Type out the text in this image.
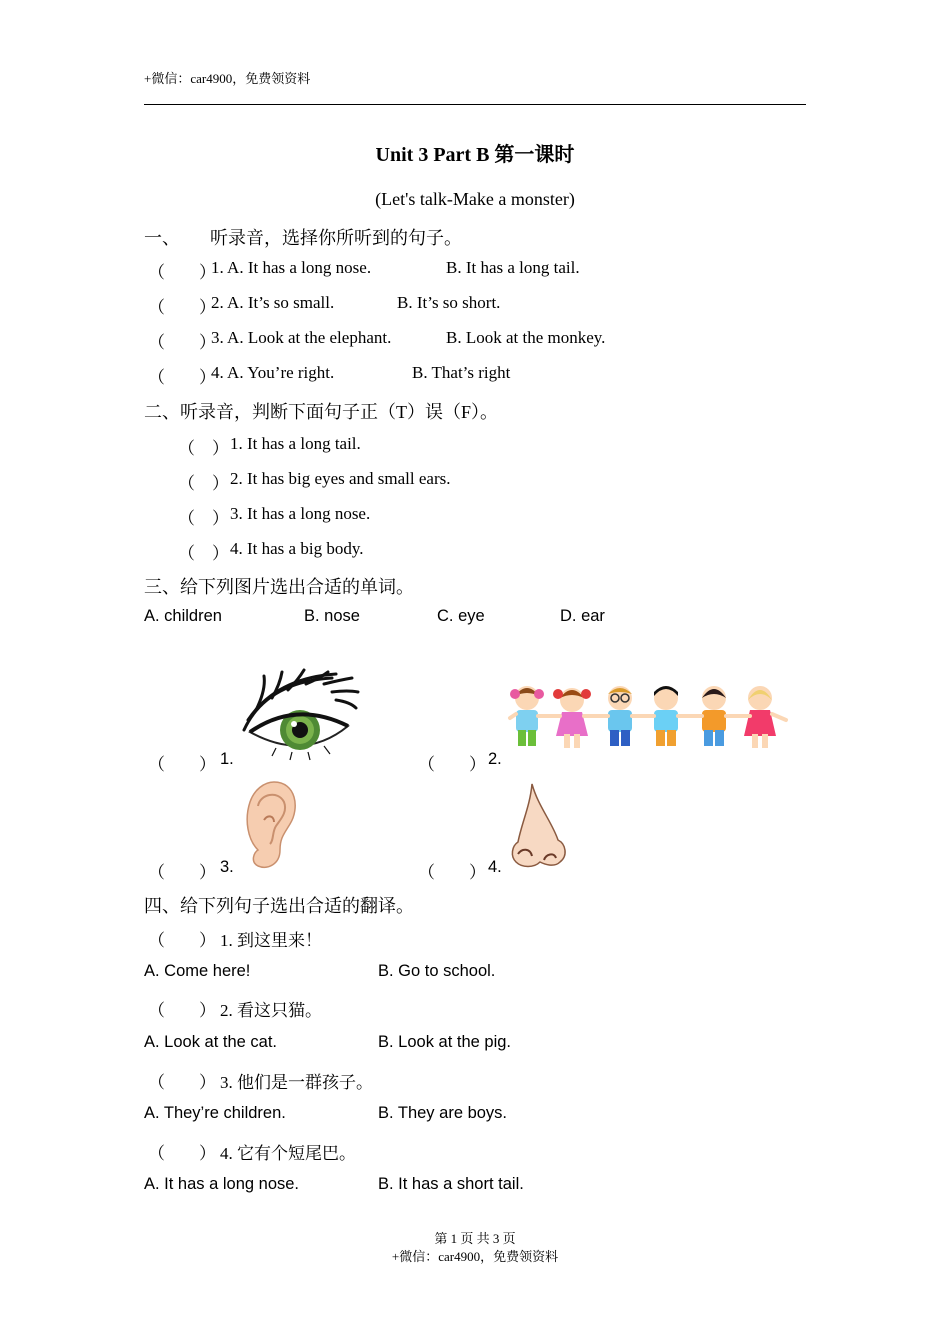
+微信：car4900，免费领资料
Unit 3 Part B 第一课时
(Let's talk-Make a monster)
一、 听录音，选择你所听到的句子。
（　　）
1. A. It has a long nose.	B. It has a long tail.
（　　）
2. A. It’s so small.	B. It’s so short.
（　　）
3. A. Look at the elephant.	B. Look at the monkey.
（　　）
4. A. You’re right.	B. That’s right
二、听录音，判断下面句子正（T）误（F）。
（　） 1. It has a long tail.
（　） 2. It has big eyes and small ears.
（　） 3. It has a long nose.
（　） 4. It has a big body.
三、给下列图片选出合适的单词。
A. children	B. nose	C. eye	D. ear
（　　） 1.	（　　） 2.
（　　） 3.	（　　） 4.
四、给下列句子选出合适的翻译。
（　　） 1. 到这里来！
A. Come here!	B. Go to school.
（　　） 2. 看这只猫。
A. Look at the cat.	B. Look at the pig.
（　　） 3. 他们是一群孩子。
A. They’re children.	B. They are boys.
（　　） 4. 它有个短尾巴。
A. It has a long nose.	B. It has a short tail.
第 1 页 共 3 页
+微信：car4900，免费领资料
